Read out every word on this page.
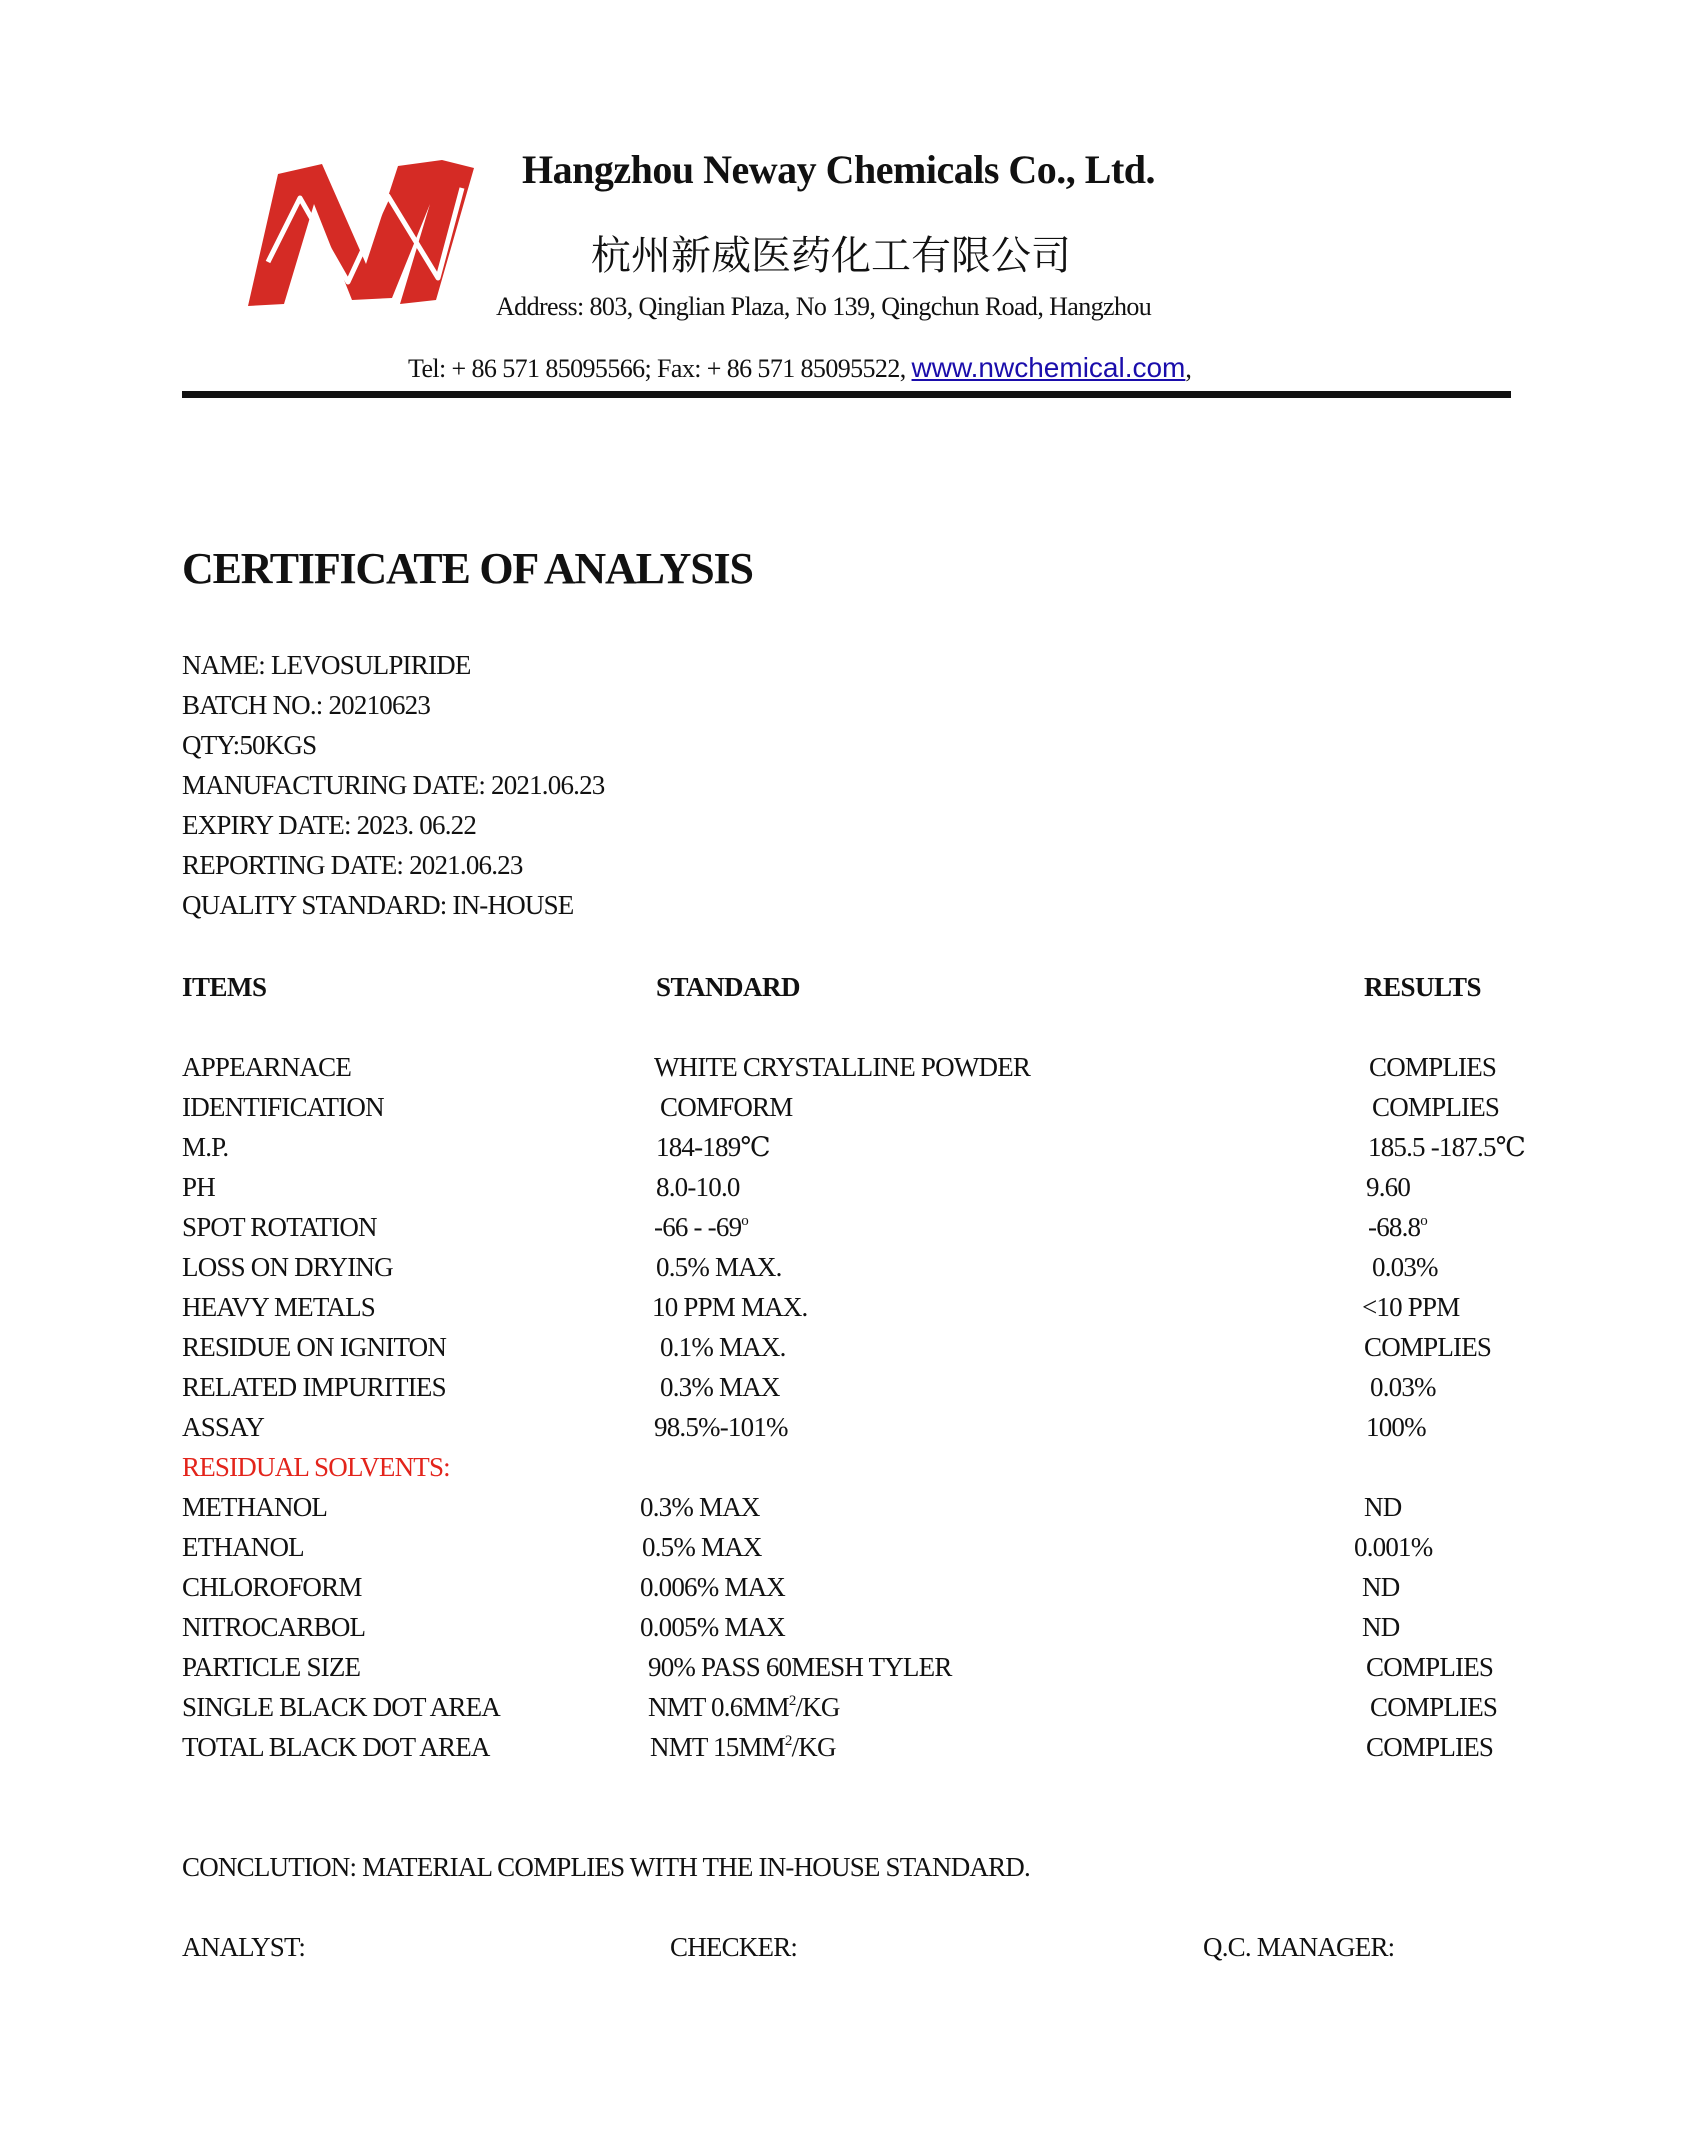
Hangzhou Neway Chemicals Co., Ltd.
杭州新威医药化工有限公司
Address: 803, Qinglian Plaza, No 139, Qingchun Road, Hangzhou
Tel: + 86 571 85095566; Fax: + 86 571 85095522, www.nwchemical.com,
CERTIFICATE OF ANALYSIS
NAME: LEVOSULPIRIDE
BATCH NO.: 20210623
QTY:50KGS
MANUFACTURING DATE: 2021.06.23
EXPIRY DATE: 2023. 06.22
REPORTING DATE: 2021.06.23
QUALITY STANDARD: IN-HOUSE
ITEMS	STANDARD	RESULTS
APPEARNACE	WHITE CRYSTALLINE POWDER	COMPLIES
IDENTIFICATION	COMFORM	COMPLIES
M.P.	184-189℃	185.5 -187.5℃
PH	8.0-10.0	9.60
SPOT ROTATION	-66 - -69$^o$	-68.8$^o$
LOSS ON DRYING	0.5% MAX.	0.03%
HEAVY METALS	10 PPM MAX.	<10 PPM
RESIDUE ON IGNITON	0.1% MAX.	COMPLIES
RELATED IMPURITIES	0.3% MAX	0.03%
ASSAY	98.5%-101%	100%
RESIDUAL SOLVENTS:
METHANOL	0.3% MAX	ND
ETHANOL	0.5% MAX	0.001%
CHLOROFORM	0.006% MAX	ND
NITROCARBOL	0.005% MAX	ND
PARTICLE SIZE	90% PASS 60MESH TYLER	COMPLIES
SINGLE BLACK DOT AREA	NMT $0.6MM^2/KG$	COMPLIES
TOTAL BLACK DOT AREA	NMT $15MM^2/KG$	COMPLIES
CONCLUTION: MATERIAL COMPLIES WITH THE IN-HOUSE STANDARD.
ANALYST:	CHECKER:	Q.C. MANAGER:
